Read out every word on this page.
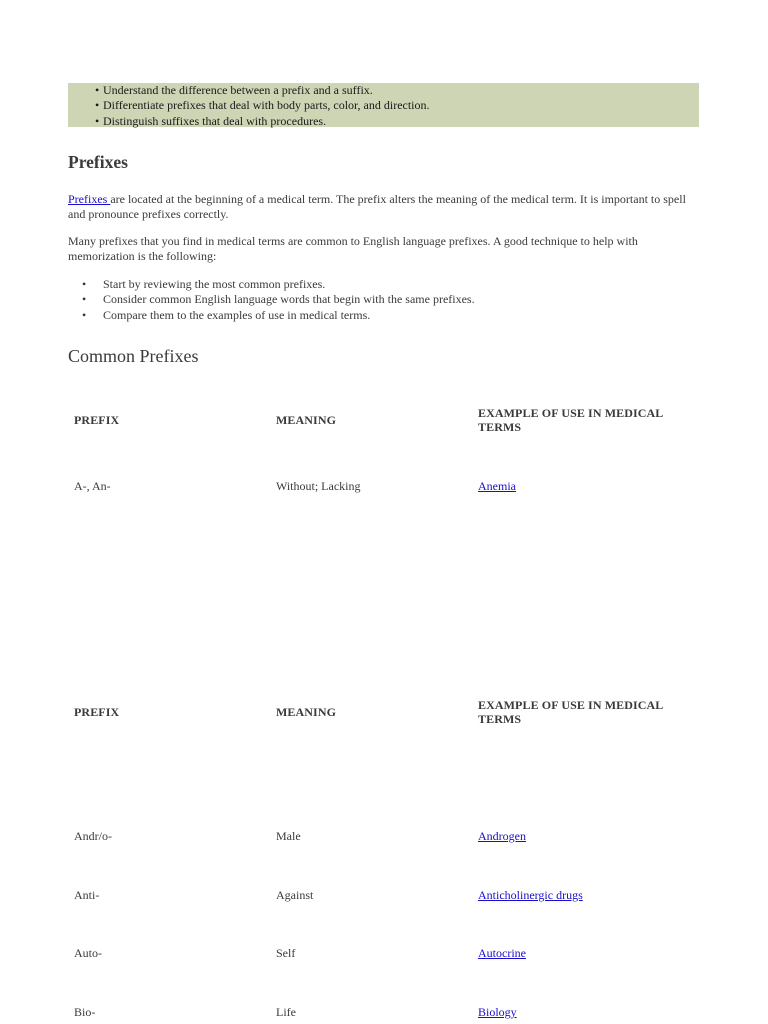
• Understand the difference between a prefix and a suffix.
• Differentiate prefixes that deal with body parts, color, and direction.
• Distinguish suffixes that deal with procedures.
Prefixes

Prefixes are located at the beginning of a medical term. The prefix alters the meaning of the medical term. It is important to spell and pronounce prefixes correctly.

Many prefixes that you find in medical terms are common to English language prefixes. A good technique to help with memorization is the following:

• Start by reviewing the most common prefixes.
• Consider common English language words that begin with the same prefixes.
• Compare them to the examples of use in medical terms.
Common Prefixes
PREFIX	MEANING	EXAMPLE OF USE IN MEDICAL TERMS
A-, An-	Without; Lacking	Anemia
PREFIX	MEANING	EXAMPLE OF USE IN MEDICAL TERMS
Andr/o-	Male	Androgen
Anti-	Against	Anticholinergic drugs
Auto-	Self	Autocrine
Bio-	Life	Biology
